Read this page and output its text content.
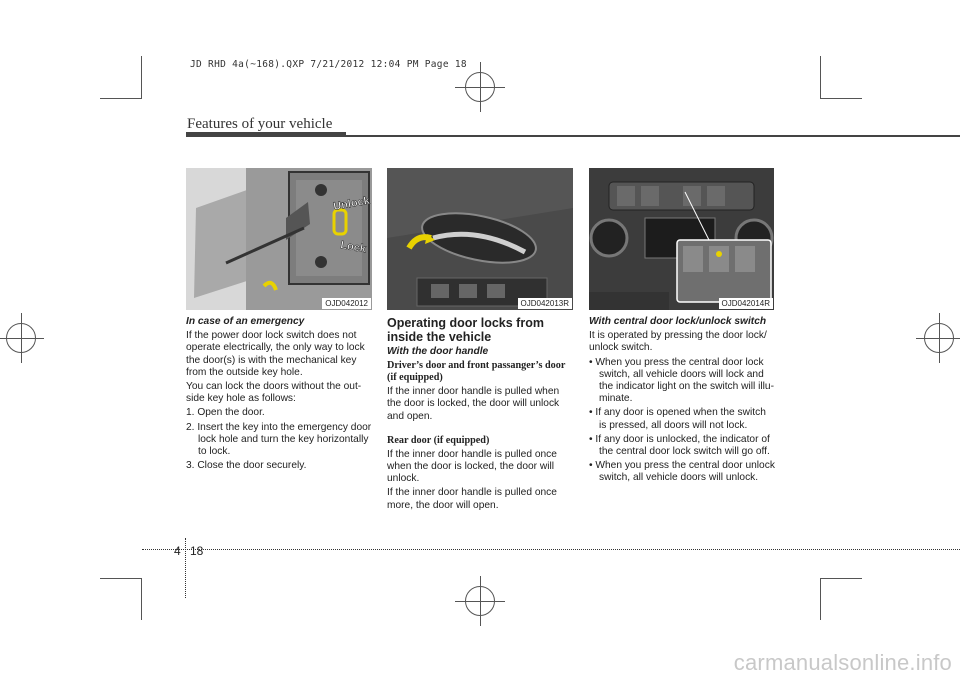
JD RHD 4a(~168).QXP 7/21/2012 12:04 PM Page 18
Features of your vehicle
Unlock
Lock
OJD042012	OJD042013R	OJD042014R

In case of an emergency

If the power door lock switch does not operate electrically, the only way to lock the door(s) is with the mechanical key from the outside key hole.

You can lock the doors without the out-side key hole as follows:

1. Open the door.
2. Insert the key into the emergency door lock hole and turn the key horizontally to lock.
3. Close the door securely.

Operating door locks from inside the vehicle

With the door handle

Driver’s door and front passanger’s door (if equipped)

If the inner door handle is pulled when the door is locked, the door will unlock and open.

Rear door (if equipped)

If the inner door handle is pulled once when the door is locked, the door will unlock.

If the inner door handle is pulled once more, the door will open.

With central door lock/unlock switch

It is operated by pressing the door lock/ unlock switch.

• When you press the central door lock switch, all vehicle doors will lock and the indicator light on the switch will illu-minate.
• If any door is opened when the switch is pressed, all doors will not lock.
• If any door is unlocked, the indicator of the central door lock switch will go off.
• When you press the central door unlock switch, all vehicle doors will unlock.
4 18
carmanualsonline.info
